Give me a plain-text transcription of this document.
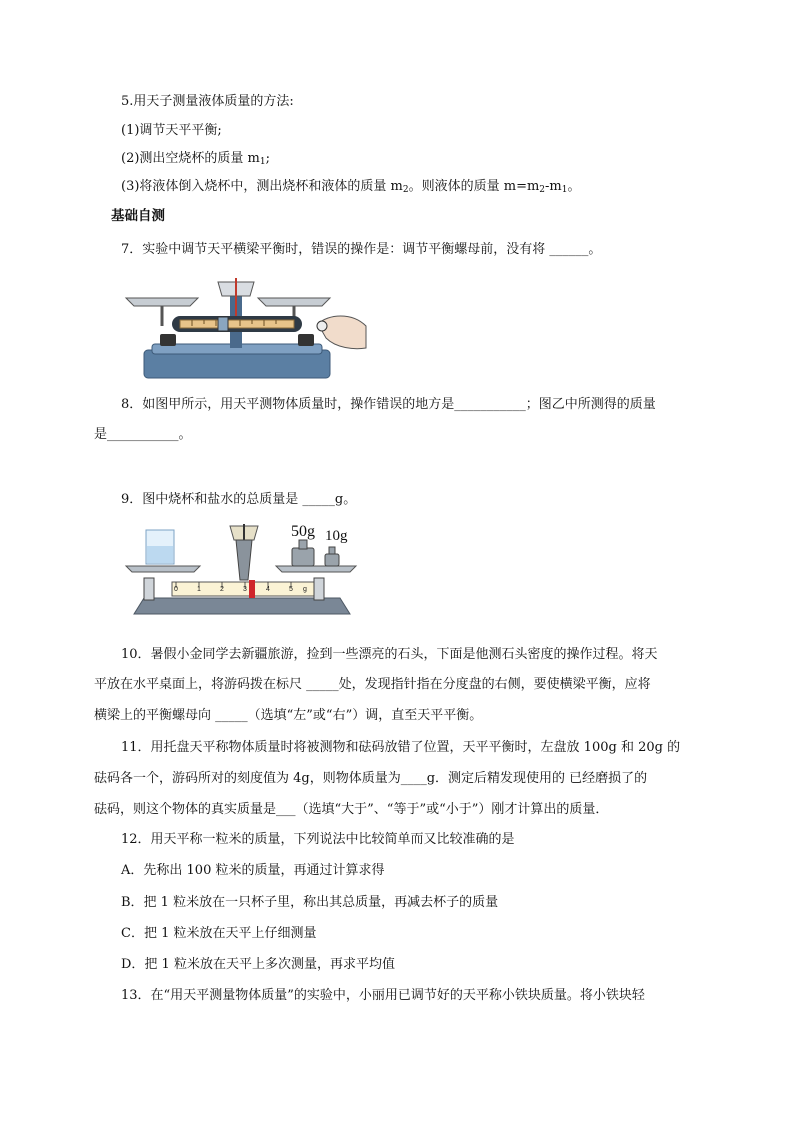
5.用天子测量液体质量的方法:
(1)调节天平平衡;
(2)测出空烧杯的质量 $m_1$;
(3)将液体倒入烧杯中，测出烧杯和液体的质量 $m_2$。则液体的质量 $m=m_2-m_1$。
基础自测
7．实验中调节天平横梁平衡时，错误的操作是：调节平衡螺母前，没有将 ______。
8．如图甲所示，用天平测物体质量时，操作错误的地方是___________；图乙中所测得的质量
是___________。
9．图中烧杯和盐水的总质量是 _____g。
50g 10g
0	1	2	3	4	5 g
10．暑假小金同学去新疆旅游，捡到一些漂亮的石头，下面是他测石头密度的操作过程。将天
平放在水平桌面上，将游码拨在标尺 _____处，发现指针指在分度盘的右侧，要使横梁平衡，应将
横梁上的平衡螺母向 _____（选填“左”或“右”）调，直至天平平衡。
11．用托盘天平称物体质量时将被测物和砝码放错了位置，天平平衡时，左盘放 100g 和 20g 的
砝码各一个，游码所对的刻度值为 4g，则物体质量为____g．测定后精发现使用的 已经磨损了的
砝码，则这个物体的真实质量是___（选填“大于”、“等于”或“小于”）刚才计算出的质量．
12．用天平称一粒米的质量，下列说法中比较简单而又比较准确的是
A．先称出 100 粒米的质量，再通过计算求得
B．把 1 粒米放在一只杯子里，称出其总质量，再减去杯子的质量
C．把 1 粒米放在天平上仔细测量
D．把 1 粒米放在天平上多次测量，再求平均值
13．在“用天平测量物体质量”的实验中，小丽用已调节好的天平称小铁块质量。将小铁块轻
